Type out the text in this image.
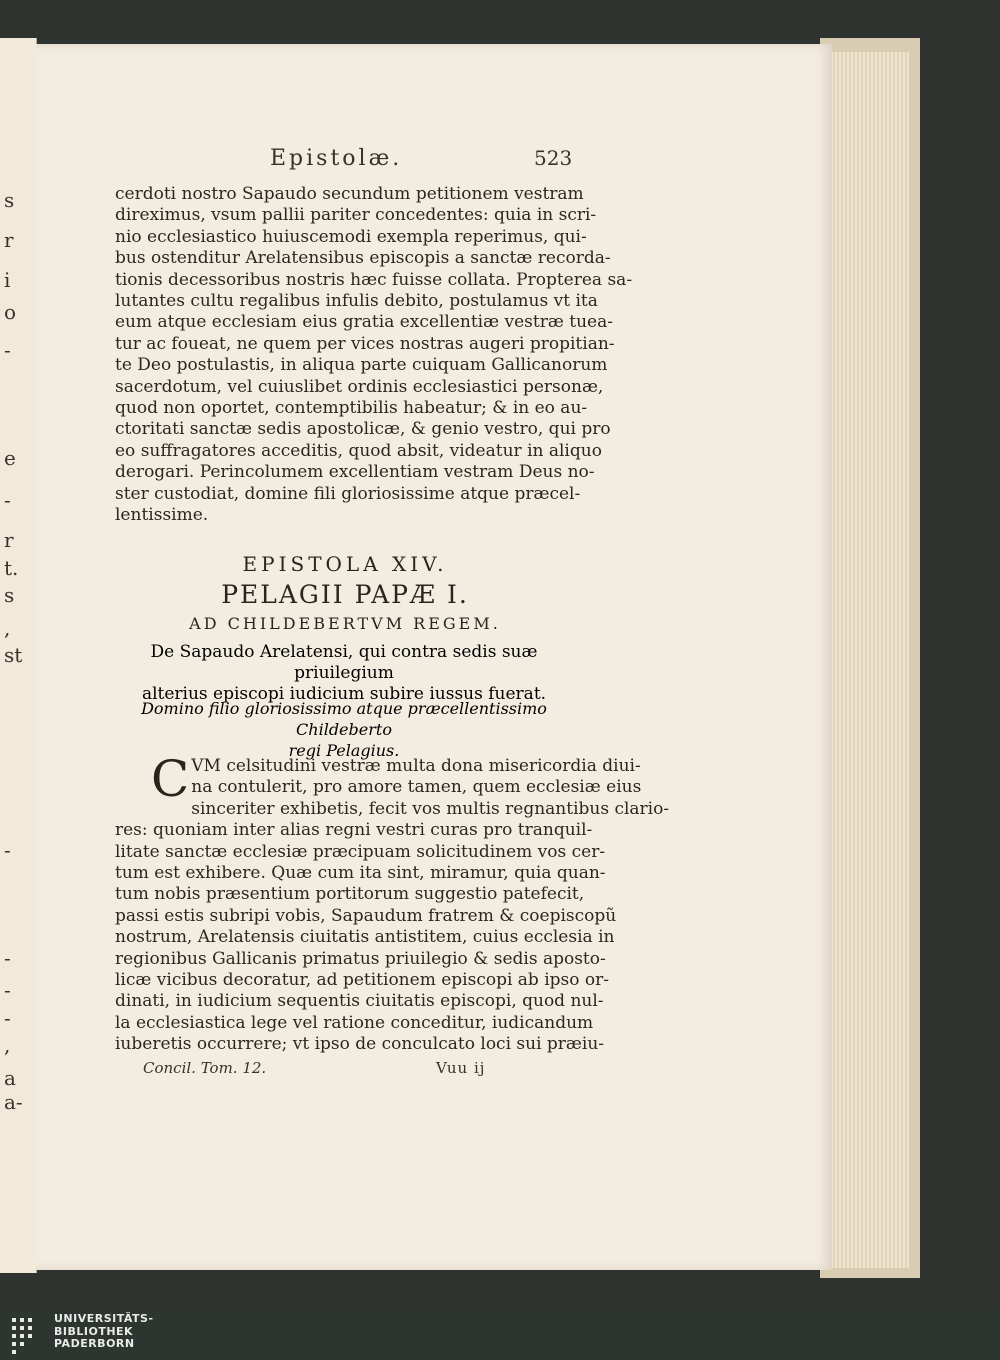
s
r
i
o
-
e
-
r
t.
s
,
st
-
-
-
-
,
a
a-
Epistolæ.	523
cerdoti nostro Sapaudo secundum petitionem vestram
direximus, vsum pallii pariter concedentes: quia in scri-
nio ecclesiastico huiuscemodi exempla reperimus, qui-
bus ostenditur Arelatensibus episcopis a sanctæ recorda-
tionis decessoribus nostris hæc fuisse collata. Propterea sa-
lutantes cultu regalibus infulis debito, postulamus vt ita
eum atque ecclesiam eius gratia excellentiæ vestræ tuea-
tur ac foueat, ne quem per vices nostras augeri propitian-
te Deo postulastis, in aliqua parte cuiquam Gallicanorum
sacerdotum, vel cuiuslibet ordinis ecclesiastici personæ,
quod non oportet, contemptibilis habeatur; & in eo au-
ctoritati sanctæ sedis apostolicæ, & genio vestro, qui pro
eo suffragatores acceditis, quod absit, videatur in aliquo
derogari. Perincolumem excellentiam vestram Deus no-
ster custodiat, domine fili gloriosissime atque præcel-
lentissime.
EPISTOLA XIV.
PELAGII PAPÆ I.
AD CHILDEBERTVM REGEM.
De Sapaudo Arelatensi, qui contra sedis suæ priuilegium
alterius episcopi iudicium subire iussus fuerat.
Domino filio gloriosissimo atque præcellentissimo Childeberto
regi Pelagius.
C VM celsitudini vestræ multa dona misericordia diui-
na contulerit, pro amore tamen, quem ecclesiæ eius
sinceriter exhibetis, fecit vos multis regnantibus clario-
res: quoniam inter alias regni vestri curas pro tranquil-
litate sanctæ ecclesiæ præcipuam solicitudinem vos cer-
tum est exhibere. Quæ cum ita sint, miramur, quia quan-
tum nobis præsentium portitorum suggestio patefecit,
passi estis subripi vobis, Sapaudum fratrem & coepiscopũ
nostrum, Arelatensis ciuitatis antistitem, cuius ecclesia in
regionibus Gallicanis primatus priuilegio & sedis aposto-
licæ vicibus decoratur, ad petitionem episcopi ab ipso or-
dinati, in iudicium sequentis ciuitatis episcopi, quod nul-
la ecclesiastica lege vel ratione conceditur, iudicandum
iuberetis occurrere; vt ipso de conculcato loci sui præiu-
Concil. Tom. 12.	Vuu ij
UNIVERSITÄTS-
BIBLIOTHEK
PADERBORN
